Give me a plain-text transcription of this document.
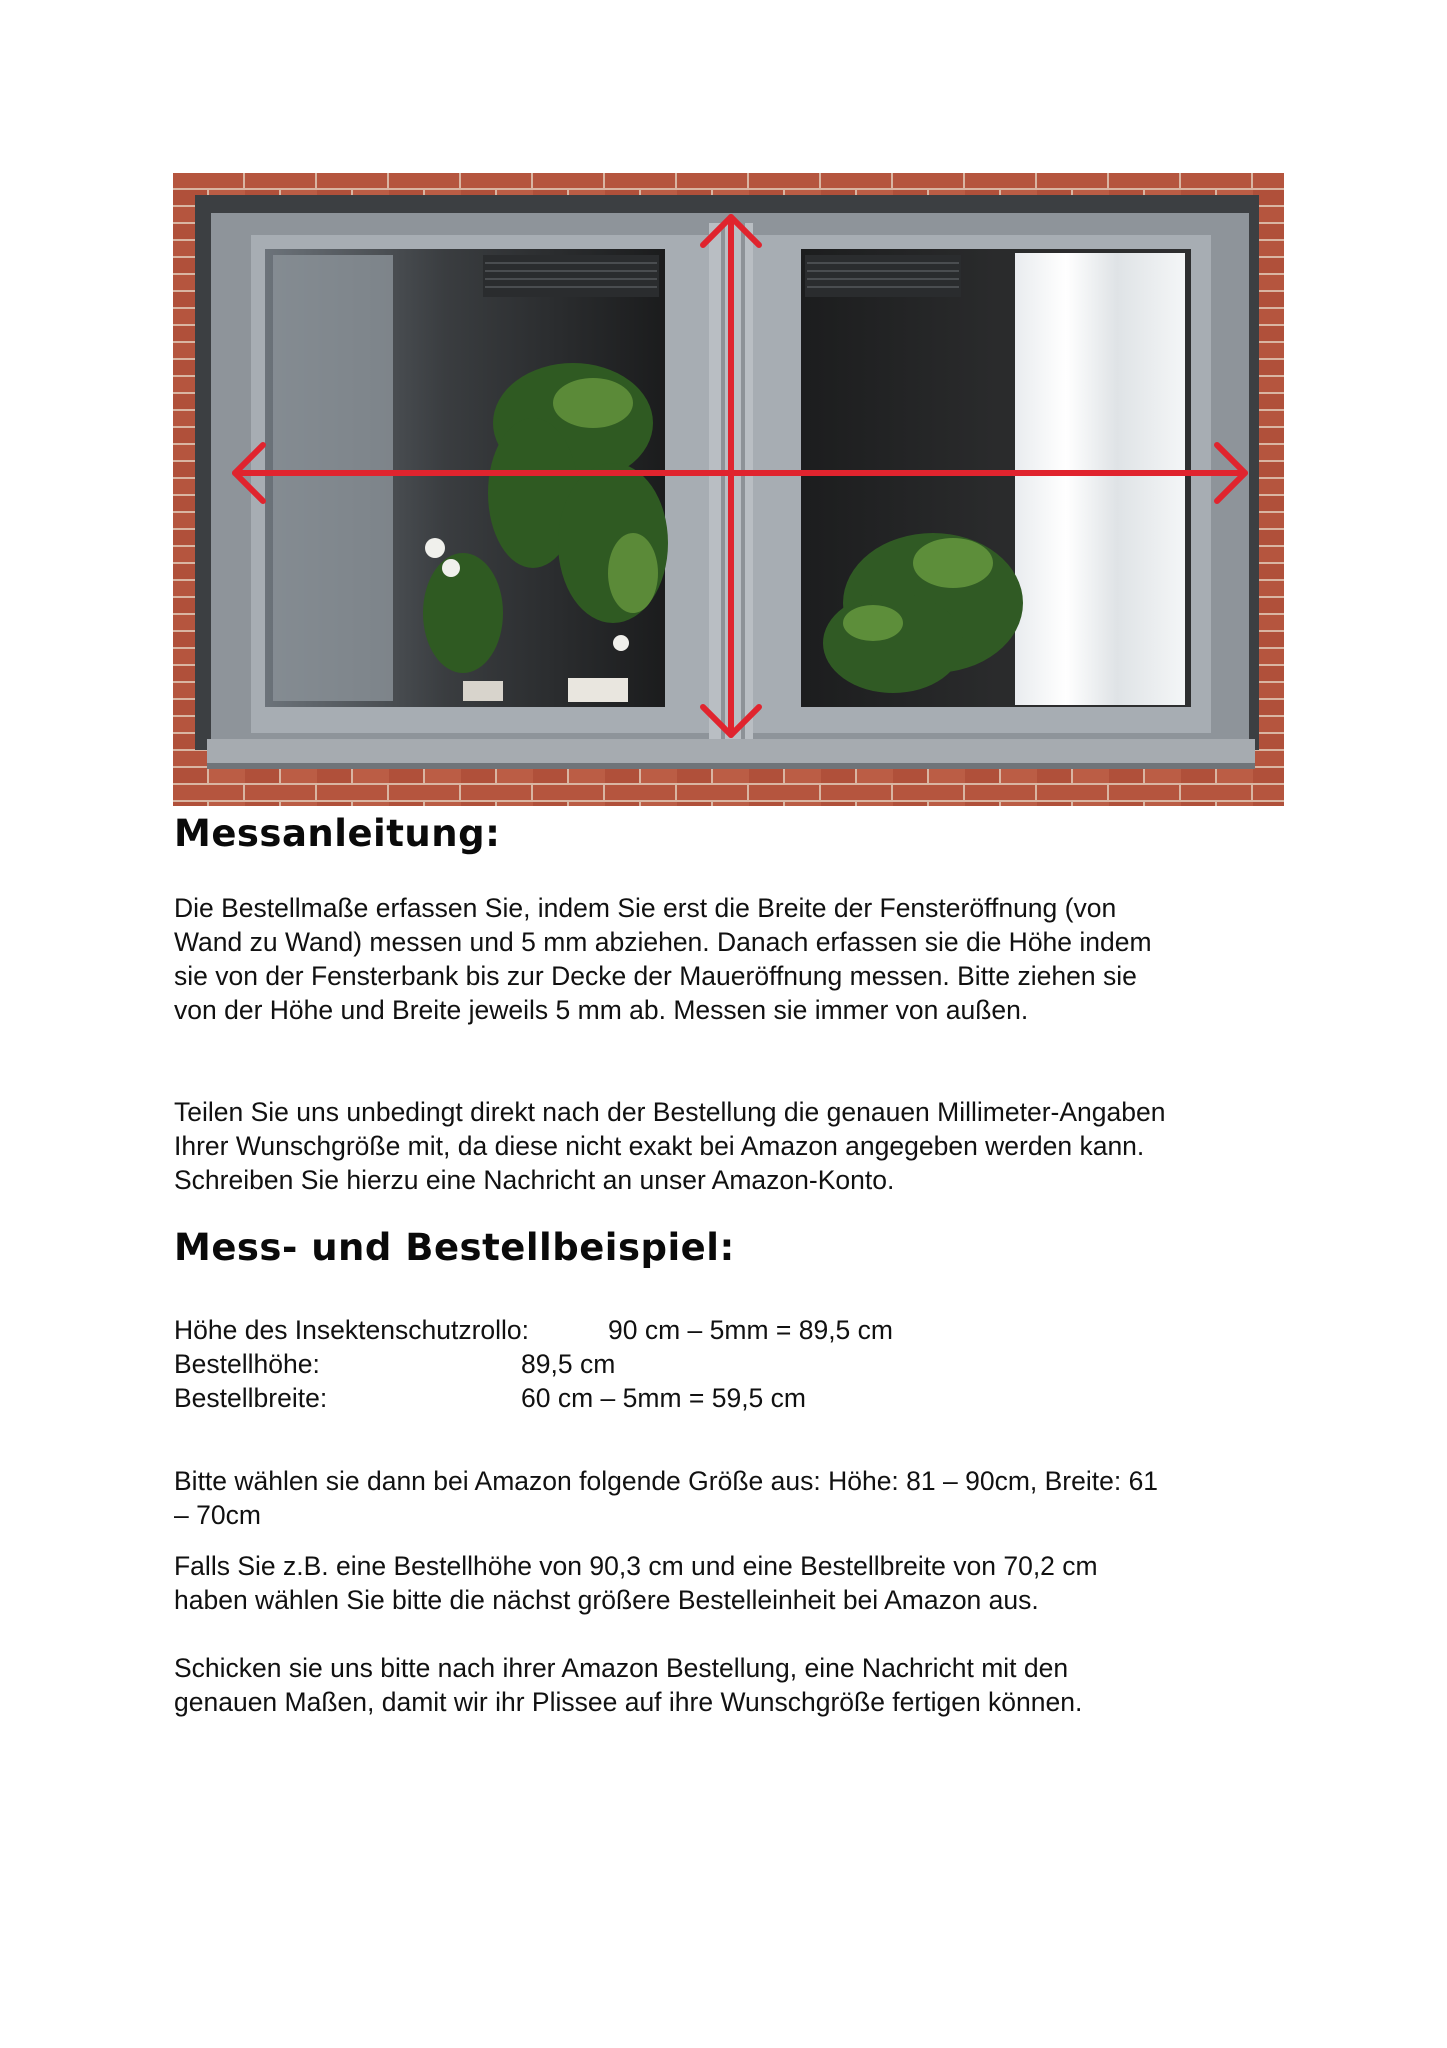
Messanleitung:

Die Bestellmaße erfassen Sie, indem Sie erst die Breite der Fensteröffnung (von
Wand zu Wand) messen und 5 mm abziehen. Danach erfassen sie die Höhe indem
sie von der Fensterbank bis zur Decke der Maueröffnung messen. Bitte ziehen sie
von der Höhe und Breite jeweils 5 mm ab. Messen sie immer von außen.

Teilen Sie uns unbedingt direkt nach der Bestellung die genauen Millimeter-Angaben
Ihrer Wunschgröße mit, da diese nicht exakt bei Amazon angegeben werden kann.
Schreiben Sie hierzu eine Nachricht an unser Amazon-Konto.

Mess- und Bestellbeispiel:
Höhe des Insektenschutzrollo:	90 cm – 5mm = 89,5 cm
Bestellhöhe:	89,5 cm
Bestellbreite:	60 cm – 5mm = 59,5 cm

Bitte wählen sie dann bei Amazon folgende Größe aus: Höhe: 81 – 90cm, Breite: 61
– 70cm

Falls Sie z.B. eine Bestellhöhe von 90,3 cm und eine Bestellbreite von 70,2 cm
haben wählen Sie bitte die nächst größere Bestelleinheit bei Amazon aus.

Schicken sie uns bitte nach ihrer Amazon Bestellung, eine Nachricht mit den
genauen Maßen, damit wir ihr Plissee auf ihre Wunschgröße fertigen können.
